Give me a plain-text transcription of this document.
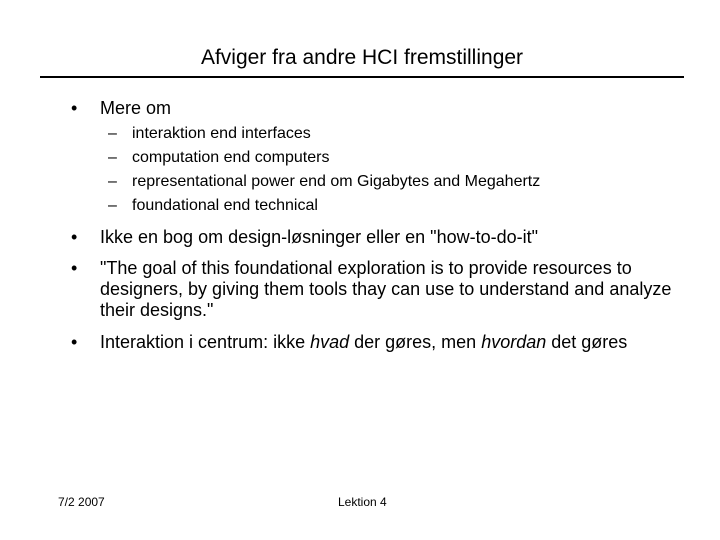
Afviger fra andre HCI fremstillinger
• Mere om
– interaktion end interfaces
– computation end computers
– representational power end om Gigabytes and Megahertz
– foundational end technical
• Ikke en bog om design-løsninger eller en "how-to-do-it"
• "The goal of this foundational exploration is to provide resources to designers, by giving them tools thay can use to understand and analyze their designs."
• Interaktion i centrum: ikke hvad der gøres, men hvordan det gøres
7/2 2007	Lektion 4
